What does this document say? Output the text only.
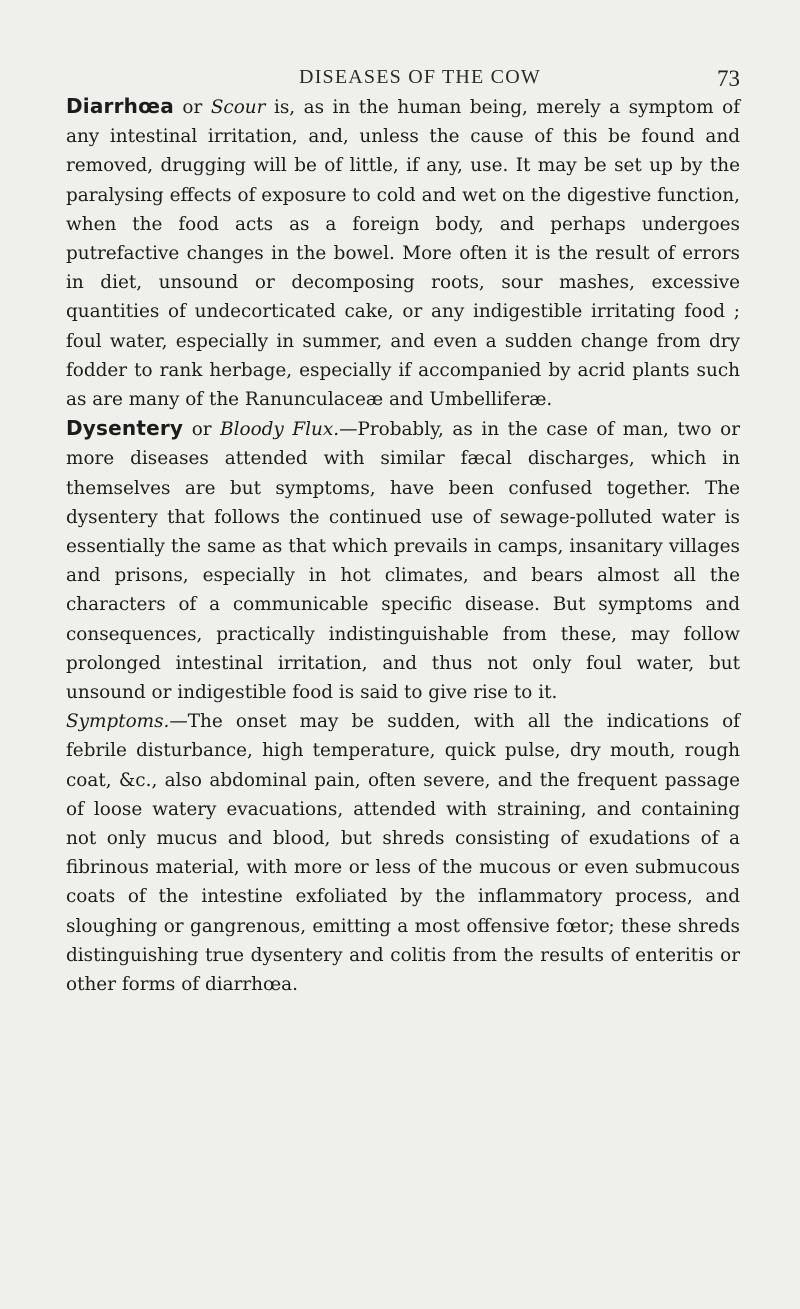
DISEASES OF THE COW	73

Diarrhœa or Scour is, as in the human being, merely a symptom of any intestinal irritation, and, unless the cause of this be found and removed, drugging will be of little, if any, use. It may be set up by the paralysing effects of exposure to cold and wet on the digestive function, when the food acts as a foreign body, and perhaps undergoes putrefactive changes in the bowel. More often it is the result of errors in diet, unsound or decomposing roots, sour mashes, excessive quantities of undecorticated cake, or any indigestible irritating food ; foul water, especially in summer, and even a sudden change from dry fodder to rank herbage, especially if accompanied by acrid plants such as are many of the Ranunculaceæ and Umbelliferæ.

Dysentery or Bloody Flux.—Probably, as in the case of man, two or more diseases attended with similar fæcal discharges, which in themselves are but symptoms, have been confused together. The dysentery that follows the continued use of sewage-polluted water is essentially the same as that which prevails in camps, insanitary villages and prisons, especially in hot climates, and bears almost all the characters of a communicable specific disease. But symptoms and consequences, practically indistinguishable from these, may follow prolonged intestinal irritation, and thus not only foul water, but unsound or indigestible food is said to give rise to it.

Symptoms.—The onset may be sudden, with all the indications of febrile disturbance, high temperature, quick pulse, dry mouth, rough coat, &c., also abdominal pain, often severe, and the frequent passage of loose watery evacuations, attended with straining, and containing not only mucus and blood, but shreds consisting of exudations of a fibrinous material, with more or less of the mucous or even submucous coats of the intestine exfoliated by the inflammatory process, and sloughing or gangrenous, emitting a most offensive fœtor; these shreds distinguishing true dysentery and colitis from the results of enteritis or other forms of diarrhœa.
